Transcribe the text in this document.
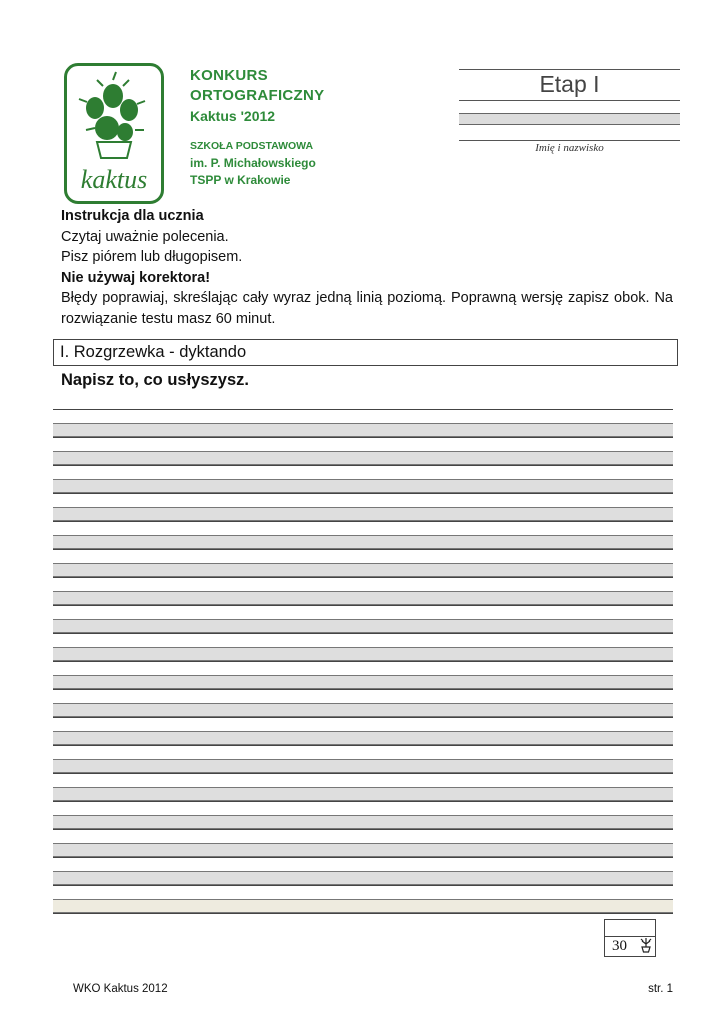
kaktus
KONKURS
ORTOGRAFICZNY
Kaktus '2012
SZKOŁA PODSTAWOWA
im. P. Michałowskiego
TSPP w Krakowie
Etap I
Imię i nazwisko

Instrukcja dla ucznia

Czytaj uważnie polecenia.

Pisz piórem lub długopisem.

Nie używaj korektora!

Błędy poprawiaj, skreślając cały wyraz jedną linią poziomą. Poprawną wersję zapisz obok. Na rozwiązanie testu masz 60 minut.

I. Rozgrzewka - dyktando
Napisz to, co usłyszysz.
30
WKO Kaktus 2012	str. 1
